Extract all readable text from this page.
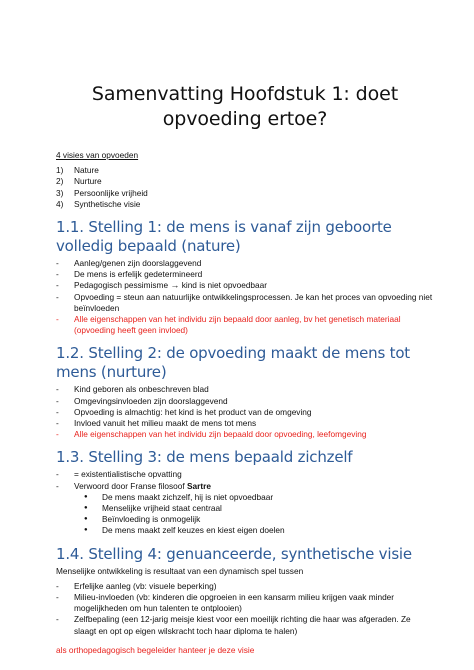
Samenvatting Hoofdstuk 1: doet opvoeding ertoe?
4 visies van opvoeden
1) Nature
2) Nurture
3) Persoonlijke vrijheid
4) Synthetische visie
1.1. Stelling 1: de mens is vanaf zijn geboorte volledig bepaald (nature)
- Aanleg/genen zijn doorslaggevend
- De mens is erfelijk gedetermineerd
- Pedagogisch pessimisme → kind is niet opvoedbaar
- Opvoeding = steun aan natuurlijke ontwikkelingsprocessen. Je kan het proces van opvoeding niet beïnvloeden
- Alle eigenschappen van het individu zijn bepaald door aanleg, bv het genetisch materiaal (opvoeding heeft geen invloed)
1.2. Stelling 2: de opvoeding maakt de mens tot mens (nurture)
- Kind geboren als onbeschreven blad
- Omgevingsinvloeden zijn doorslaggevend
- Opvoeding is almachtig: het kind is het product van de omgeving
- Invloed vanuit het milieu maakt de mens tot mens
- Alle eigenschappen van het individu zijn bepaald door opvoeding, leefomgeving
1.3. Stelling 3: de mens bepaald zichzelf
- = existentialistische opvatting
- Verwoord door Franse filosoof Sartre
● De mens maakt zichzelf, hij is niet opvoedbaar
● Menselijke vrijheid staat centraal
● Beïnvloeding is onmogelijk
● De mens maakt zelf keuzes en kiest eigen doelen
1.4. Stelling 4: genuanceerde, synthetische visie
Menselijke ontwikkeling is resultaat van een dynamisch spel tussen
- Erfelijke aanleg (vb: visuele beperking)
- Milieu-invloeden (vb: kinderen die opgroeien in een kansarm milieu krijgen vaak minder mogelijkheden om hun talenten te ontplooien)
- Zelfbepaling (een 12-jarig meisje kiest voor een moeilijk richting die haar was afgeraden. Ze slaagt en opt op eigen wilskracht toch haar diploma te halen)
als orthopedagogisch begeleider hanteer je deze visie
